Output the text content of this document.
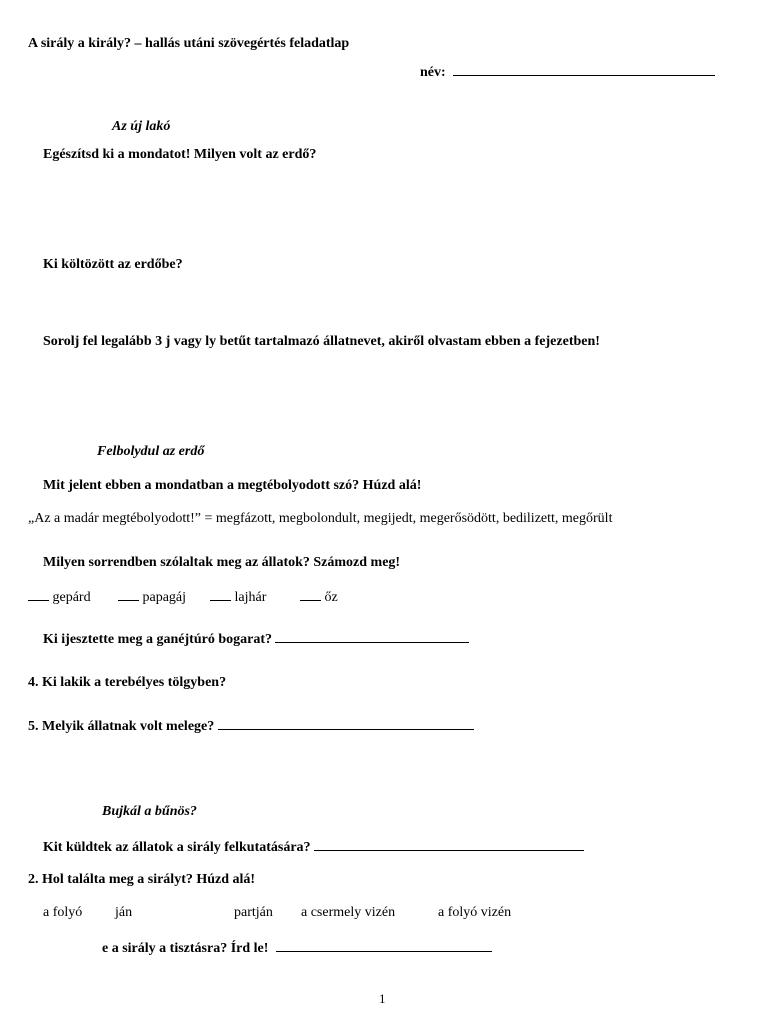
A sirály a király? – hallás utáni szövegértés feladatlap
név:
Az új lakó
Egészítsd ki a mondatot! Milyen volt az erdő?
Ki költözött az erdőbe?
Sorolj fel legalább 3 j vagy ly betűt tartalmazó állatnevet, akiről olvastam ebben a fejezetben!
Felbolydul az erdő
Mit jelent ebben a mondatban a megtébolyodott szó? Húzd alá!
„Az a madár megtébolyodott!” = megfázott, megbolondult, megijedt, megerősödött, bedilizett, megőrült
Milyen sorrendben szólaltak meg az állatok? Számozd meg!
gepárd	papagáj	lajhár	őz
Ki ijesztette meg a ganéjtúró bogarat?
4. Ki lakik a terebélyes tölgyben?
5. Melyik állatnak volt melege?
Bujkál a bűnös?
Kit küldtek az állatok a sirály felkutatására?
2. Hol találta meg a sirályt? Húzd alá!
a folyó ján	partján a csermely vizén	a folyó vizén
e a sirály a tisztásra? Írd le!
1
